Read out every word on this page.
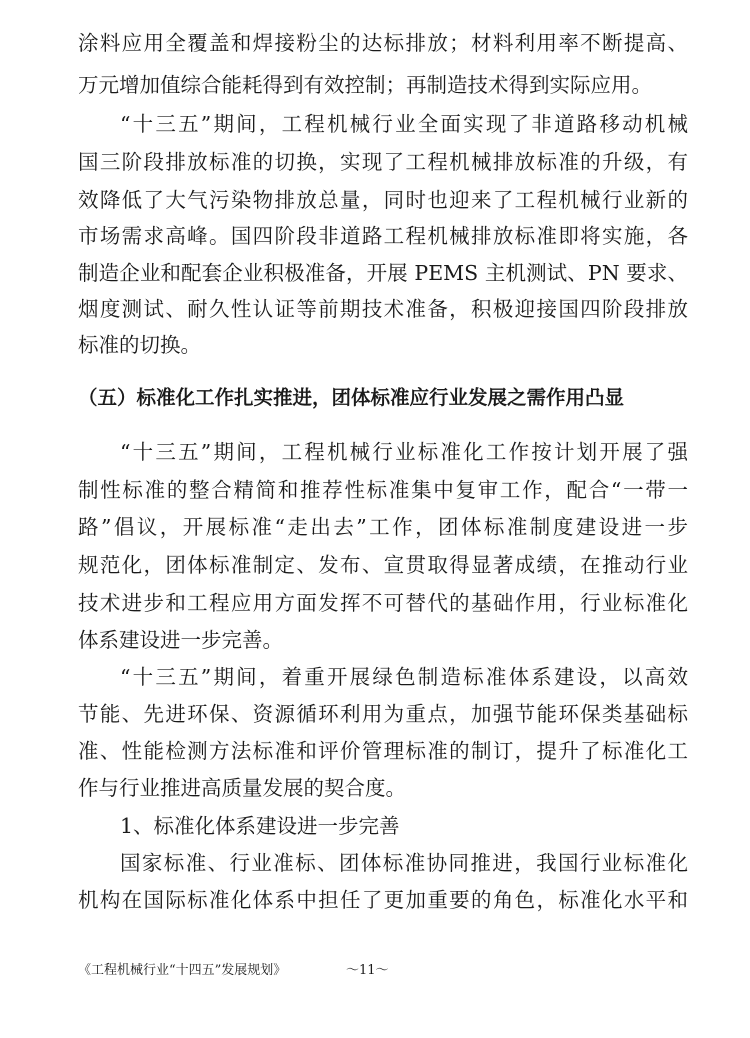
涂料应用全覆盖和焊接粉尘的达标排放；材料利用率不断提高、
万元增加值综合能耗得到有效控制；再制造技术得到实际应用。
“十三五”期间，工程机械行业全面实现了非道路移动机械
国三阶段排放标准的切换，实现了工程机械排放标准的升级，有
效降低了大气污染物排放总量，同时也迎来了工程机械行业新的
市场需求高峰。国四阶段非道路工程机械排放标准即将实施，各
制造企业和配套企业积极准备，开展 PEMS 主机测试、PN 要求、
烟度测试、耐久性认证等前期技术准备，积极迎接国四阶段排放
标准的切换。
（五）标准化工作扎实推进，团体标准应行业发展之需作用凸显
“十三五”期间，工程机械行业标准化工作按计划开展了强
制性标准的整合精简和推荐性标准集中复审工作，配合“一带一
路”倡议，开展标准“走出去”工作，团体标准制度建设进一步
规范化，团体标准制定、发布、宣贯取得显著成绩，在推动行业
技术进步和工程应用方面发挥不可替代的基础作用，行业标准化
体系建设进一步完善。
“十三五”期间，着重开展绿色制造标准体系建设，以高效
节能、先进环保、资源循环利用为重点，加强节能环保类基础标
准、性能检测方法标准和评价管理标准的制订，提升了标准化工
作与行业推进高质量发展的契合度。
1、标准化体系建设进一步完善
国家标准、行业准标、团体标准协同推进，我国行业标准化
机构在国际标准化体系中担任了更加重要的角色，标准化水平和
《工程机械行业“十四五”发展规划》	～11～
